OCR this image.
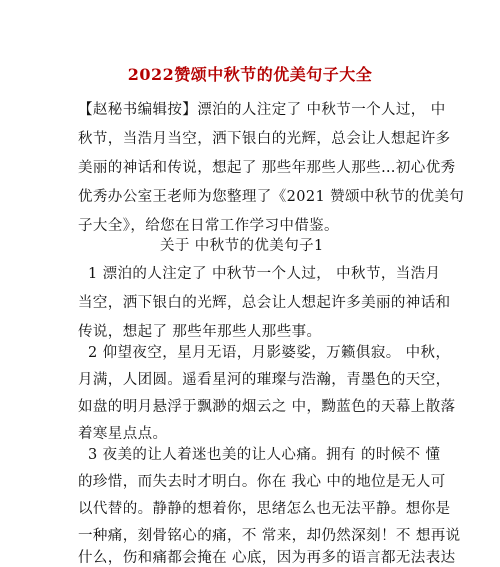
2022赞颂中秋节的优美句子大全
【赵秘书编辑按】漂泊的人注定了 中秋节一个人过， 中
秋节，当浩月当空，洒下银白的光辉，总会让人想起许多
美丽的神话和传说，想起了 那些年那些人那些…初心优秀
优秀办公室王老师为您整理了《2021 赞颂中秋节的优美句
子大全》，给您在日常工作学习中借鉴。
关于 中秋节的优美句子1
1 漂泊的人注定了 中秋节一个人过， 中秋节，当浩月
当空，洒下银白的光辉，总会让人想起许多美丽的神话和
传说，想起了 那些年那些人那些事。
2 仰望夜空，星月无语，月影婆娑，万籁俱寂。 中秋，
月满，人团圆。遥看星河的璀璨与浩瀚，青墨色的天空，
如盘的明月悬浮于飘渺的烟云之 中，黝蓝色的天幕上散落
着寒星点点。
3 夜美的让人着迷也美的让人心痛。拥有 的时候不 懂
的珍惜，而失去时才明白。你在 我心 中的地位是无人可
以代替的。静静的想着你，思绪怎么也无法平静。想你是
一种痛，刻骨铭心的痛，不 常来，却仍然深刻！不 想再说
什么，伤和痛都会掩在 心底，因为再多的语言都无法表达
